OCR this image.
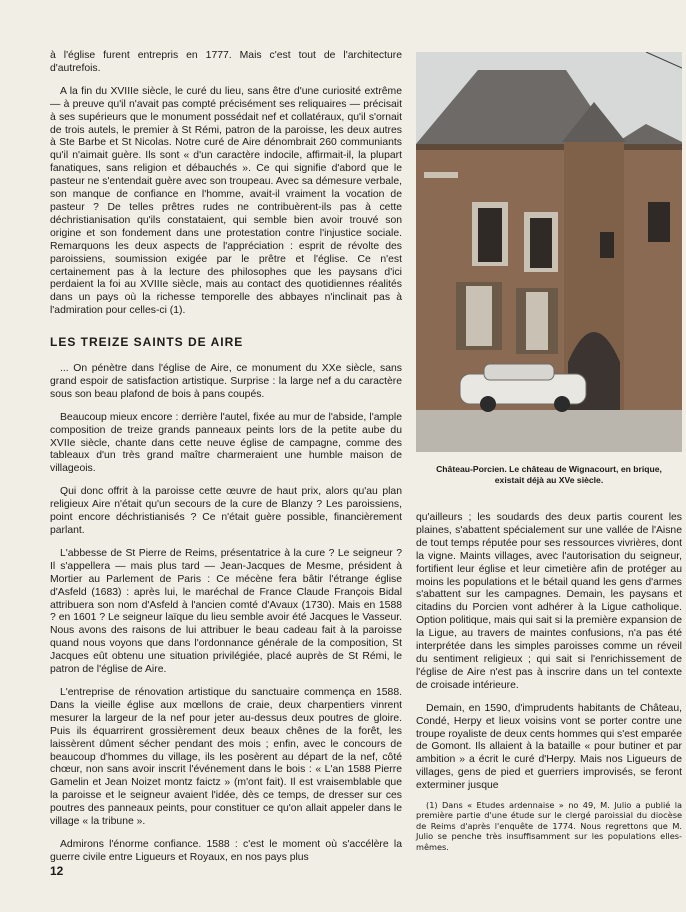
à l'église furent entrepris en 1777. Mais c'est tout de l'architecture d'autrefois.

A la fin du XVIIIe siècle, le curé du lieu, sans être d'une curiosité extrême — à preuve qu'il n'avait pas compté précisément ses reliquaires — précisait à ses supérieurs que le monument possédait nef et collatéraux, qu'il s'ornait de trois autels, le premier à St Rémi, patron de la paroisse, les deux autres à Ste Barbe et St Nicolas. Notre curé de Aire dénombrait 260 communiants qu'il n'aimait guère. Ils sont « d'un caractère indocile, affirmait-il, la plupart fanatiques, sans religion et débauchés ». Ce qui signifie d'abord que le pasteur ne s'entendait guère avec son troupeau. Avec sa démesure verbale, son manque de confiance en l'homme, avait-il vraiment la vocation de pasteur ? De telles prêtres rudes ne contribuèrent-ils pas à cette déchristianisation qu'ils constataient, qui semble bien avoir trouvé son origine et son fondement dans une protestation contre l'injustice sociale. Remarquons les deux aspects de l'appréciation : esprit de révolte des paroissiens, soumission exigée par le prêtre et l'église. Ce n'est certainement pas à la lecture des philosophes que les paysans d'ici perdaient la foi au XVIIIe siècle, mais au contact des quotidiennes réalités dans un pays où la richesse temporelle des abbayes n'inclinait pas à l'admiration pour celles-ci (1).

LES TREIZE SAINTS DE AIRE

... On pénètre dans l'église de Aire, ce monument du XXe siècle, sans grand espoir de satisfaction artistique. Surprise : la large nef a du caractère sous son beau plafond de bois à pans coupés.

Beaucoup mieux encore : derrière l'autel, fixée au mur de l'abside, l'ample composition de treize grands panneaux peints lors de la petite aube du XVIIe siècle, chante dans cette neuve église de campagne, comme des tableaux d'un très grand maître charmeraient une humble maison de villageois.

Qui donc offrit à la paroisse cette œuvre de haut prix, alors qu'au plan religieux Aire n'était qu'un secours de la cure de Blanzy ? Les paroissiens, point encore déchristianisés ? Ce n'était guère possible, financièrement parlant.

L'abbesse de St Pierre de Reims, présentatrice à la cure ? Le seigneur ? Il s'appellera — mais plus tard — Jean-Jacques de Mesme, président à Mortier au Parlement de Paris : Ce mécène fera bâtir l'étrange église d'Asfeld (1683) : après lui, le maréchal de France Claude François Bidal attribuera son nom d'Asfeld à l'ancien comté d'Avaux (1730). Mais en 1588 ? en 1601 ? Le seigneur laïque du lieu semble avoir été Jacques le Vasseur. Nous avons des raisons de lui attribuer le beau cadeau fait à la paroisse quand nous voyons que dans l'ordonnance générale de la composition, St Jacques eût obtenu une situation privilégiée, placé auprès de St Rémi, le patron de l'église de Aire.

L'entreprise de rénovation artistique du sanctuaire commença en 1588. Dans la vieille église aux mœllons de craie, deux charpentiers vinrent mesurer la largeur de la nef pour jeter au-dessus deux poutres de gloire. Puis ils équarrirent grossièrement deux beaux chênes de la forêt, les laissèrent dûment sécher pendant des mois ; enfin, avec le concours de beaucoup d'hommes du village, ils les posèrent au départ de la nef, côté chœur, non sans avoir inscrit l'événement dans le bois : « L'an 1588 Pierre Gamelin et Jean Noizet montz faictz » (m'ont fait). Il est vraisemblable que la paroisse et le seigneur avaient l'idée, dès ce temps, de dresser sur ces poutres des panneaux peints, pour constituer ce qu'on allait appeler dans le village « la tribune ».

Admirons l'énorme confiance. 1588 : c'est le moment où s'accélère la guerre civile entre Ligueurs et Royaux, en nos pays plus

Château-Porcien. Le château de Wignacourt, en brique,
existait déjà au XVe siècle.

qu'ailleurs ; les soudards des deux partis courent les plaines, s'abattent spécialement sur une vallée de l'Aisne de tout temps réputée pour ses ressources vivrières, dont la vigne. Maints villages, avec l'autorisation du seigneur, fortifient leur église et leur cimetière afin de protéger au moins les populations et le bétail quand les gens d'armes s'abattent sur les campagnes. Demain, les paysans et citadins du Porcien vont adhérer à la Ligue catholique. Option politique, mais qui sait si la première expansion de la Ligue, au travers de maintes confusions, n'a pas été interprétée dans les simples paroisses comme un réveil du sentiment religieux ; qui sait si l'enrichissement de l'église de Aire n'est pas à inscrire dans un tel contexte de croisade intérieure.

Demain, en 1590, d'imprudents habitants de Château, Condé, Herpy et lieux voisins vont se porter contre une troupe royaliste de deux cents hommes qui s'est emparée de Gomont. Ils allaient à la bataille « pour butiner et par ambition » a écrit le curé d'Herpy. Mais nos Ligueurs de villages, gens de pied et guerriers improvisés, se feront exterminer jusque

(1) Dans « Etudes ardennaise » no 49, M. Julio a publié la première partie d'une étude sur le clergé paroissial du diocèse de Reims d'après l'enquête de 1774. Nous regrettons que M. Julio se penche très insuffisamment sur les populations elles-mêmes.
12
